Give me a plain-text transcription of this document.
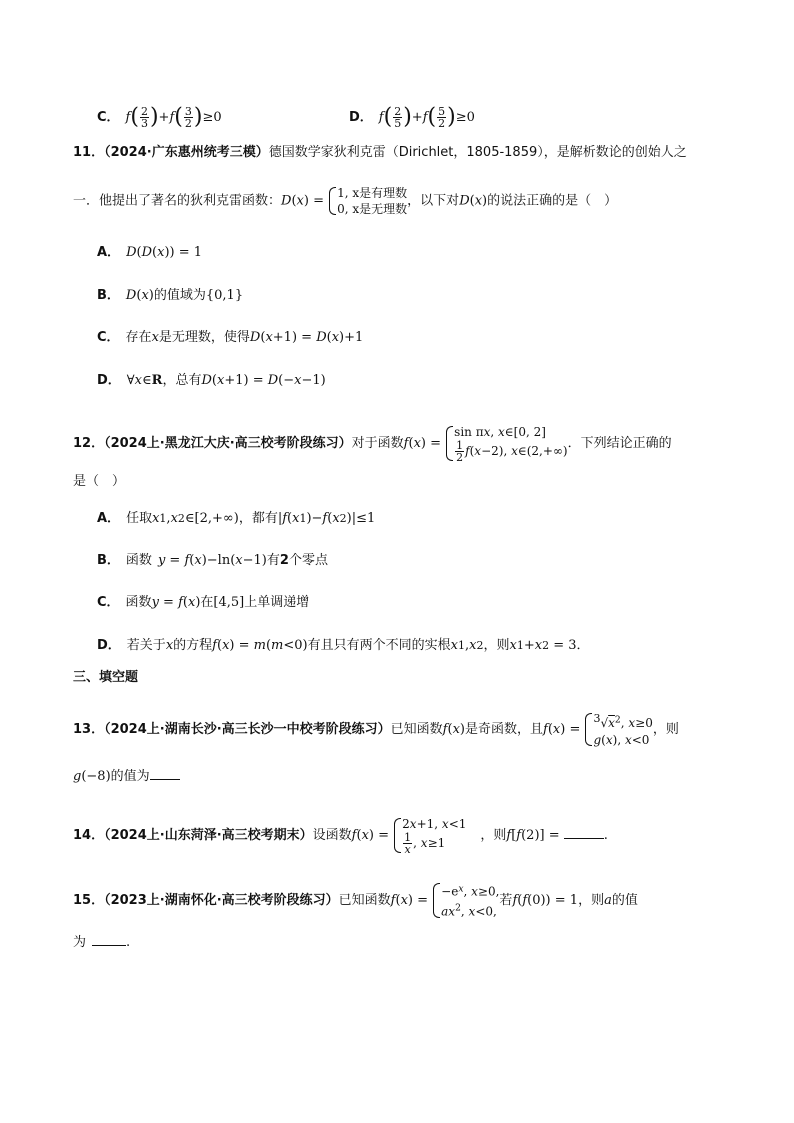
C． $f( \frac{2}{3} )+f( \frac{3}{2} )\ge 0$	D． $f( \frac{2}{5} )+f( \frac{5}{2} )\ge 0$
11．（2024·广东惠州统考三模）德国数学家狄利克雷（Dirichlet，1805-1859），是解析数论的创始人之
一．他提出了著名的狄利克雷函数：D(x) =
1, x是有理数
0, x是无理数
，以下对D(x)的说法正确的是（　）
A． D(D(x)) = 1
B． D(x)的值域为{0,1}
C． 存在x是无理数，使得D(x+1) = D(x)+1
D． ∀x∈R，总有D(x+1) = D(−x−1)
12．（2024上·黑龙江大庆·高三校考阶段练习）对于函数f(x) =
sin πx, x∈[0, 2]
$\frac{1}{2} f(x-2)$, x∈(2,+∞) ．下列结论正确的
是（　）
A． 任取x1,x2∈[2,+∞)，都有|f(x1)−f(x2)|≤1
B． 函数 y = f(x)−ln(x−1)有2个零点
C． 函数y = f(x)在[4,5]上单调递增
D． 若关于x的方程f(x) = m(m<0)有且只有两个不同的实根x1,x2，则x1+x2 = 3．
三、填空题
13．（2024上·湖南长沙·高三长沙一中校考阶段练习）已知函数f(x)是奇函数，且f(x) =
$^3√x^2$, x≥0
g(x), x<0
，则
g(−8)的值为
14．（2024上·山东菏泽·高三校考期末）设函数f(x) =
2x+1, x<1
$\frac{1}{x}$ , x≥1	，则f[f(2)] =	.
15．（2023上·湖南怀化·高三校考阶段练习）已知函数f(x) =
$-e^x$, x≥0,
$ax^2$, x<0,
若f(f(0)) = 1，则a的值
为	.
